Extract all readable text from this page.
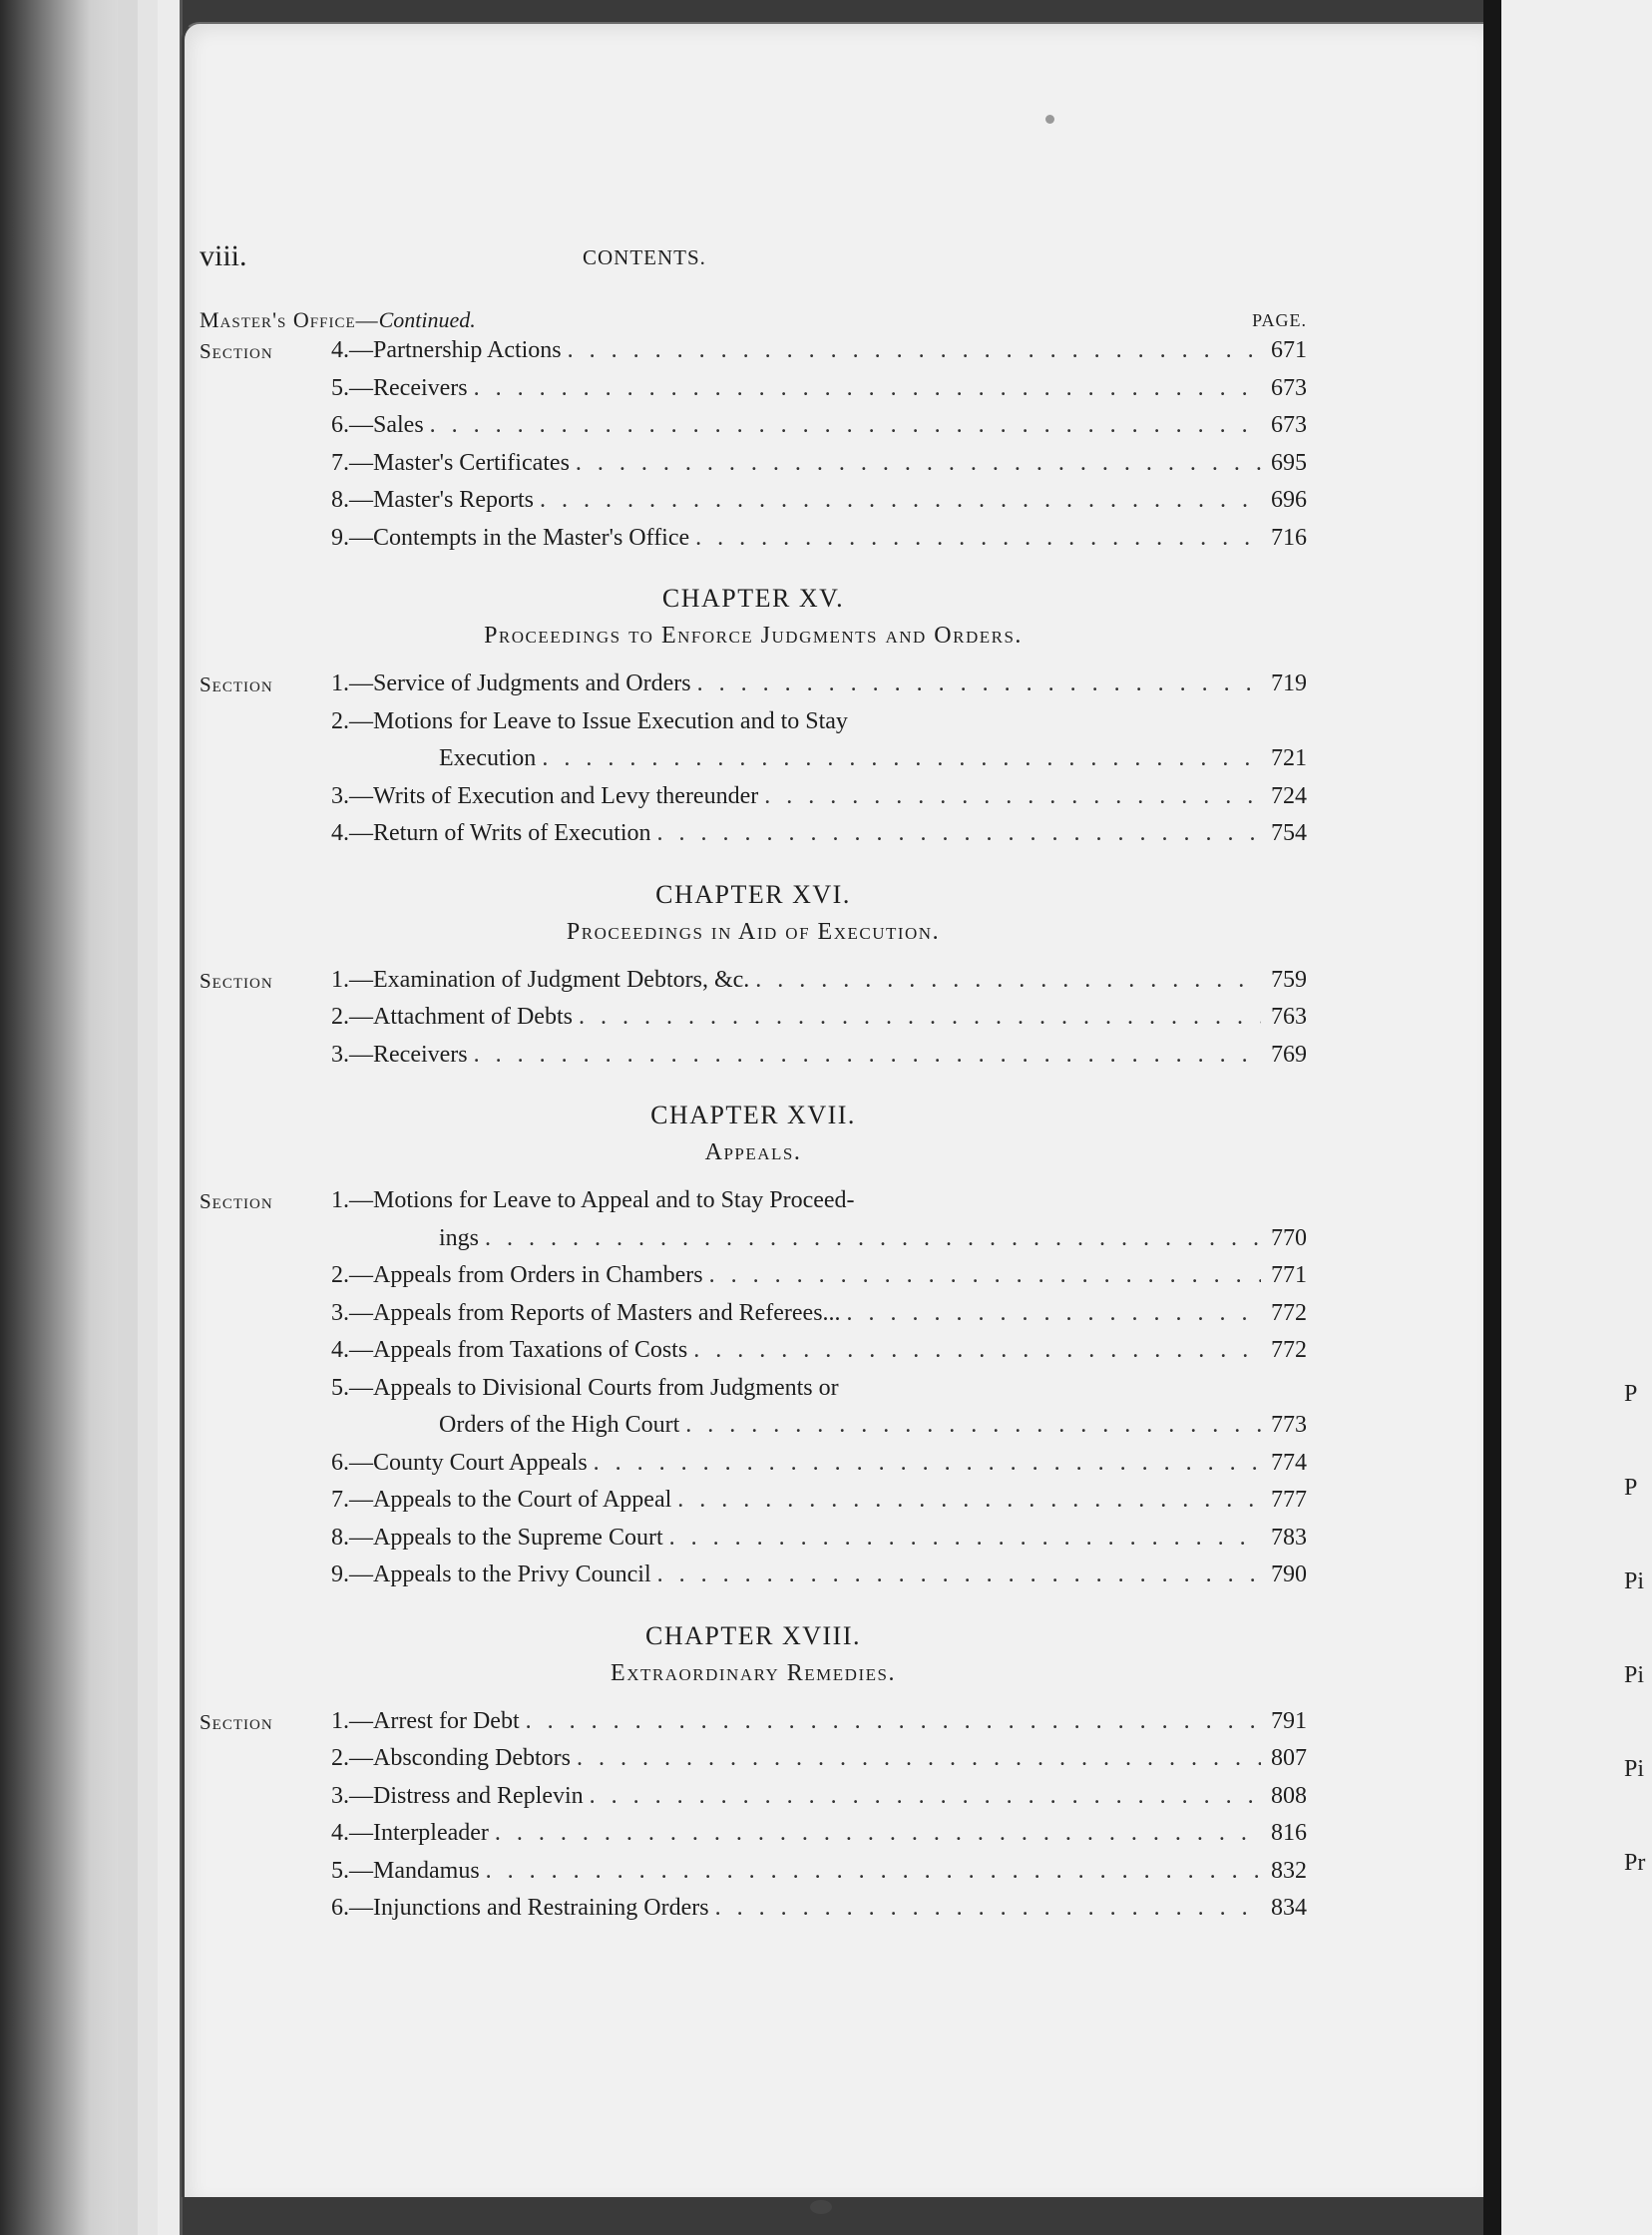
P
P
Pi
Pi
Pi
Pr
viii.	CONTENTS.
Master's Office—Continued.	PAGE.
Section 4.—Partnership Actions . . .	671
5.—Receivers . . .	673
6.—Sales . . .	673
7.—Master's Certificates . . .	695
8.—Master's Reports . . .	696
9.—Contempts in the Master's Office . . .	716
CHAPTER XV.
Proceedings to Enforce Judgments and Orders.
Section 1.—Service of Judgments and Orders . . .	719
2.—Motions for Leave to Issue Execution and to Stay
Execution . . .	721
3.—Writs of Execution and Levy thereunder . . .	724
4.—Return of Writs of Execution . . .	754
CHAPTER XVI.
Proceedings in Aid of Execution.
Section 1.—Examination of Judgment Debtors, &c. . . .	759
2.—Attachment of Debts . . .	763
3.—Receivers . . .	769
CHAPTER XVII.
Appeals.
Section 1.—Motions for Leave to Appeal and to Stay Proceed-
ings . . .	770
2.—Appeals from Orders in Chambers . . .	771
3.—Appeals from Reports of Masters and Referees... . . .	772
4.—Appeals from Taxations of Costs . . .	772
5.—Appeals to Divisional Courts from Judgments or
Orders of the High Court . . .	773
6.—County Court Appeals . . .	774
7.—Appeals to the Court of Appeal . . .	777
8.—Appeals to the Supreme Court . . .	783
9.—Appeals to the Privy Council . . .	790
CHAPTER XVIII.
Extraordinary Remedies.
Section 1.—Arrest for Debt . . .	791
2.—Absconding Debtors . . .	807
3.—Distress and Replevin . . .	808
4.—Interpleader . . .	816
5.—Mandamus . . .	832
6.—Injunctions and Restraining Orders . . .	834
